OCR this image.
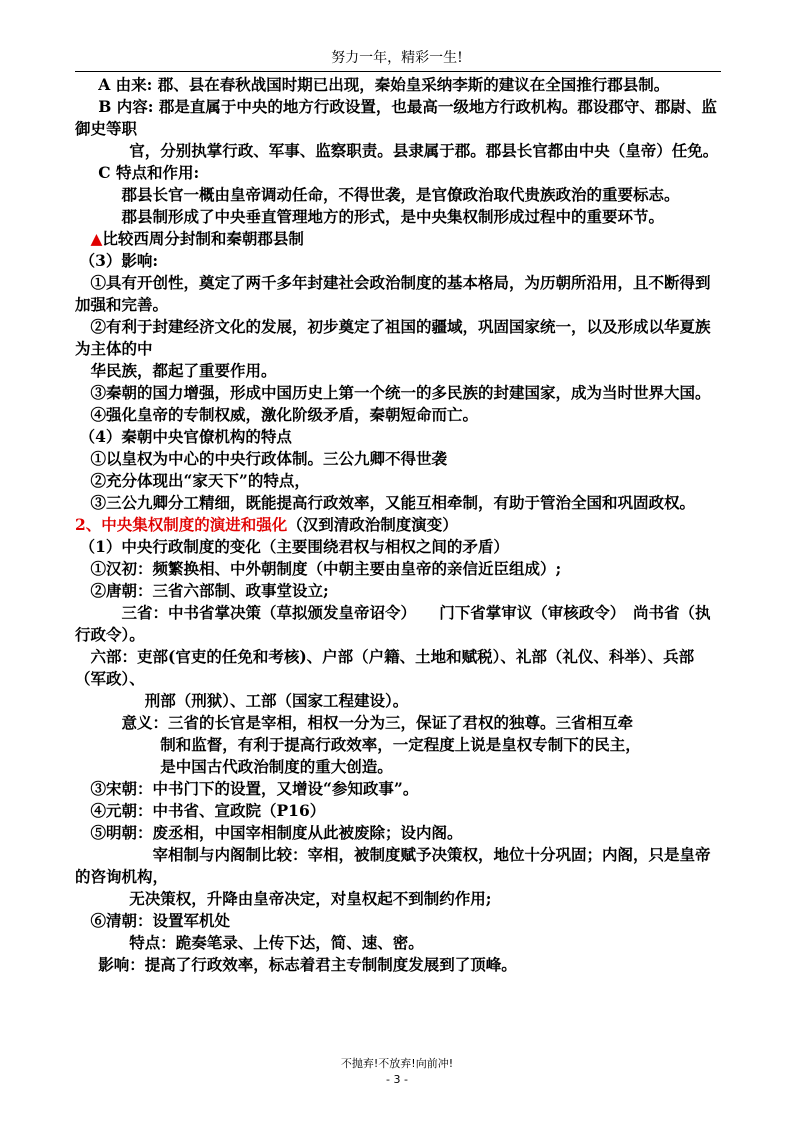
努力一年，精彩一生!

A 由来: 郡、县在春秋战国时期已出现，秦始皇采纳李斯的建议在全国推行郡县制。

B 内容: 郡是直属于中央的地方行政设置，也最高一级地方行政机构。郡设郡守、郡尉、监御史等职

官，分别执掌行政、军事、监察职责。县隶属于郡。郡县长官都由中央（皇帝）任免。

C 特点和作用:

郡县长官一概由皇帝调动任命，不得世袭，是官僚政治取代贵族政治的重要标志。

郡县制形成了中央垂直管理地方的形式，是中央集权制形成过程中的重要环节。

▲比较西周分封制和秦朝郡县制

（3）影响:

①具有开创性，奠定了两千多年封建社会政治制度的基本格局，为历朝所沿用，且不断得到加强和完善。

②有利于封建经济文化的发展，初步奠定了祖国的疆域，巩固国家统一，以及形成以华夏族为主体的中

华民族，都起了重要作用。

③秦朝的国力增强，形成中国历史上第一个统一的多民族的封建国家，成为当时世界大国。

④强化皇帝的专制权威，激化阶级矛盾，秦朝短命而亡。

（4）秦朝中央官僚机构的特点

①以皇权为中心的中央行政体制。三公九卿不得世袭

②充分体现出“家天下”的特点，

③三公九卿分工精细，既能提高行政效率，又能互相牵制，有助于管治全国和巩固政权。

2、中央集权制度的演进和强化（汉到清政治制度演变）

（1）中央行政制度的变化（主要围绕君权与相权之间的矛盾）

①汉初：频繁换相、中外朝制度（中朝主要由皇帝的亲信近臣组成）;

②唐朝：三省六部制、政事堂设立;

三省：中书省掌决策（草拟颁发皇帝诏令）　　门下省掌审议（审核政令）　尚书省（执行政令）。

六部：吏部(官吏的任免和考核)、户部（户籍、土地和赋税）、礼部（礼仪、科举）、兵部（军政）、

刑部（刑狱）、工部（国家工程建设）。

意义：三省的长官是宰相，相权一分为三，保证了君权的独尊。三省相互牵

制和监督，有利于提高行政效率，一定程度上说是皇权专制下的民主，

是中国古代政治制度的重大创造。

③宋朝：中书门下的设置，又增设“参知政事”。

④元朝：中书省、宣政院（P16）

⑤明朝：废丞相，中国宰相制度从此被废除；设内阁。

宰相制与内阁制比较：宰相，被制度赋予决策权，地位十分巩固；内阁，只是皇帝的咨询机构，

无决策权，升降由皇帝决定，对皇权起不到制约作用;

⑥清朝：设置军机处

特点：跪奏笔录、上传下达，简、速、密。

影响：提高了行政效率，标志着君主专制制度发展到了顶峰。

不抛弃!不放弃!向前冲!
- 3 -
